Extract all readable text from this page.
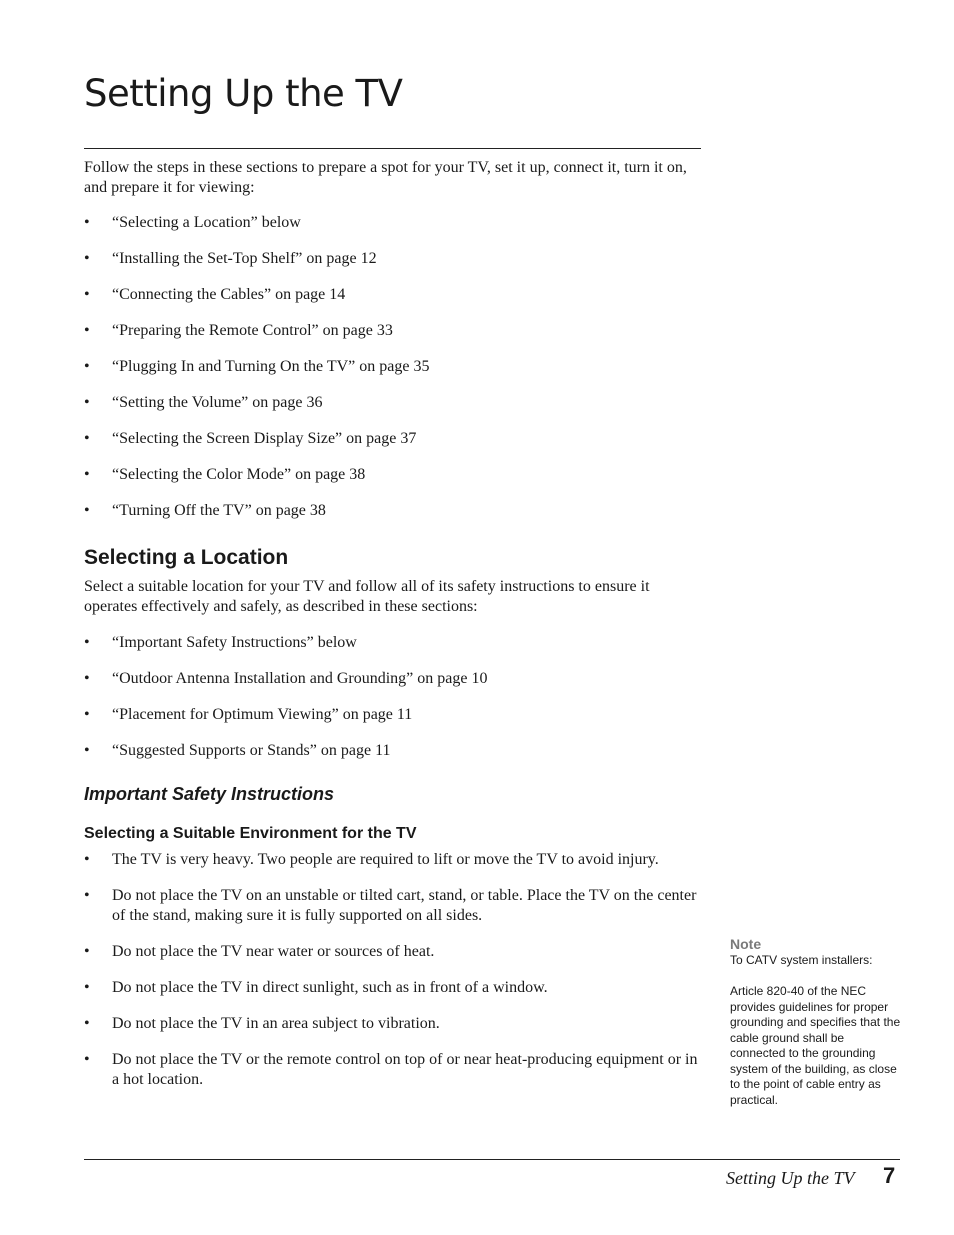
Setting Up the TV

Follow the steps in these sections to prepare a spot for your TV, set it up, connect it, turn it on, and prepare it for viewing:

• “Selecting a Location” below
• “Installing the Set-Top Shelf” on page 12
• “Connecting the Cables” on page 14
• “Preparing the Remote Control” on page 33
• “Plugging In and Turning On the TV” on page 35
• “Setting the Volume” on page 36
• “Selecting the Screen Display Size” on page 37
• “Selecting the Color Mode” on page 38
• “Turning Off the TV” on page 38
Selecting a Location

Select a suitable location for your TV and follow all of its safety instructions to ensure it operates effectively and safely, as described in these sections:

• “Important Safety Instructions” below
• “Outdoor Antenna Installation and Grounding” on page 10
• “Placement for Optimum Viewing” on page 11
• “Suggested Supports or Stands” on page 11
Important Safety Instructions
Selecting a Suitable Environment for the TV
• The TV is very heavy. Two people are required to lift or move the TV to avoid injury.
• Do not place the TV on an unstable or tilted cart, stand, or table. Place the TV on the center of the stand, making sure it is fully supported on all sides.
• Do not place the TV near water or sources of heat.
• Do not place the TV in direct sunlight, such as in front of a window.
• Do not place the TV in an area subject to vibration.
• Do not place the TV or the remote control on top of or near heat-producing equipment or in a hot location.
Note
To CATV system installers:
Article 820-40 of the NEC provides guidelines for proper grounding and specifies that the cable ground shall be connected to the grounding system of the building, as close to the point of cable entry as practical.
Setting Up the TV 7
